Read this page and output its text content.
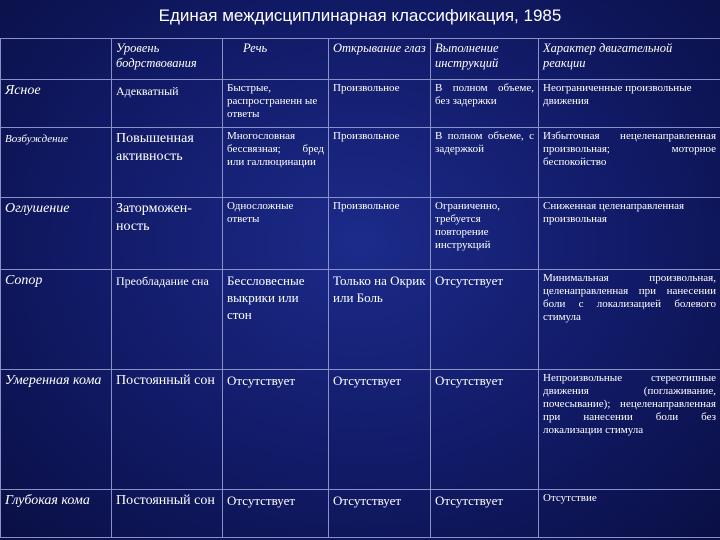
Единая междисциплинарная классификация, 1985
	Уровень бодрствования	Речь	Открывание глаз	Выполнение инструкций	Характер двигательной реакции
Ясное	Адекватный	Быстрые, распространенн ые ответы	Произвольное	В полном объеме, без задержки	Неограниченные произвольные движения
Возбуждение	Повышенная активность	Многословная бессвязная; бред или галлюцинации	Произвольное	В полном объеме, с задержкой	Избыточная нецеленаправленная произвольная; моторное беспокойство
Оглушение	Заторможен-ность	Односложные ответы	Произвольное	Ограниченно, требуется повторение инструкций	Сниженная целенаправленная произвольная
Сопор	Преобладание сна	Бессловесные выкрики или стон	Только на Окрик или Боль	Отсутствует	Минимальная произвольная, целенаправленная при нанесении боли с локализацией болевого стимула
Умеренная кома	Постоянный сон	Отсутствует	Отсутствует	Отсутствует	Непроизвольные стереотипные движения (поглаживание, почесывание); нецеленаправленная при нанесении боли без локализации стимула
Глубокая кома	Постоянный сон	Отсутствует	Отсутствует	Отсутствует	Отсутствие
